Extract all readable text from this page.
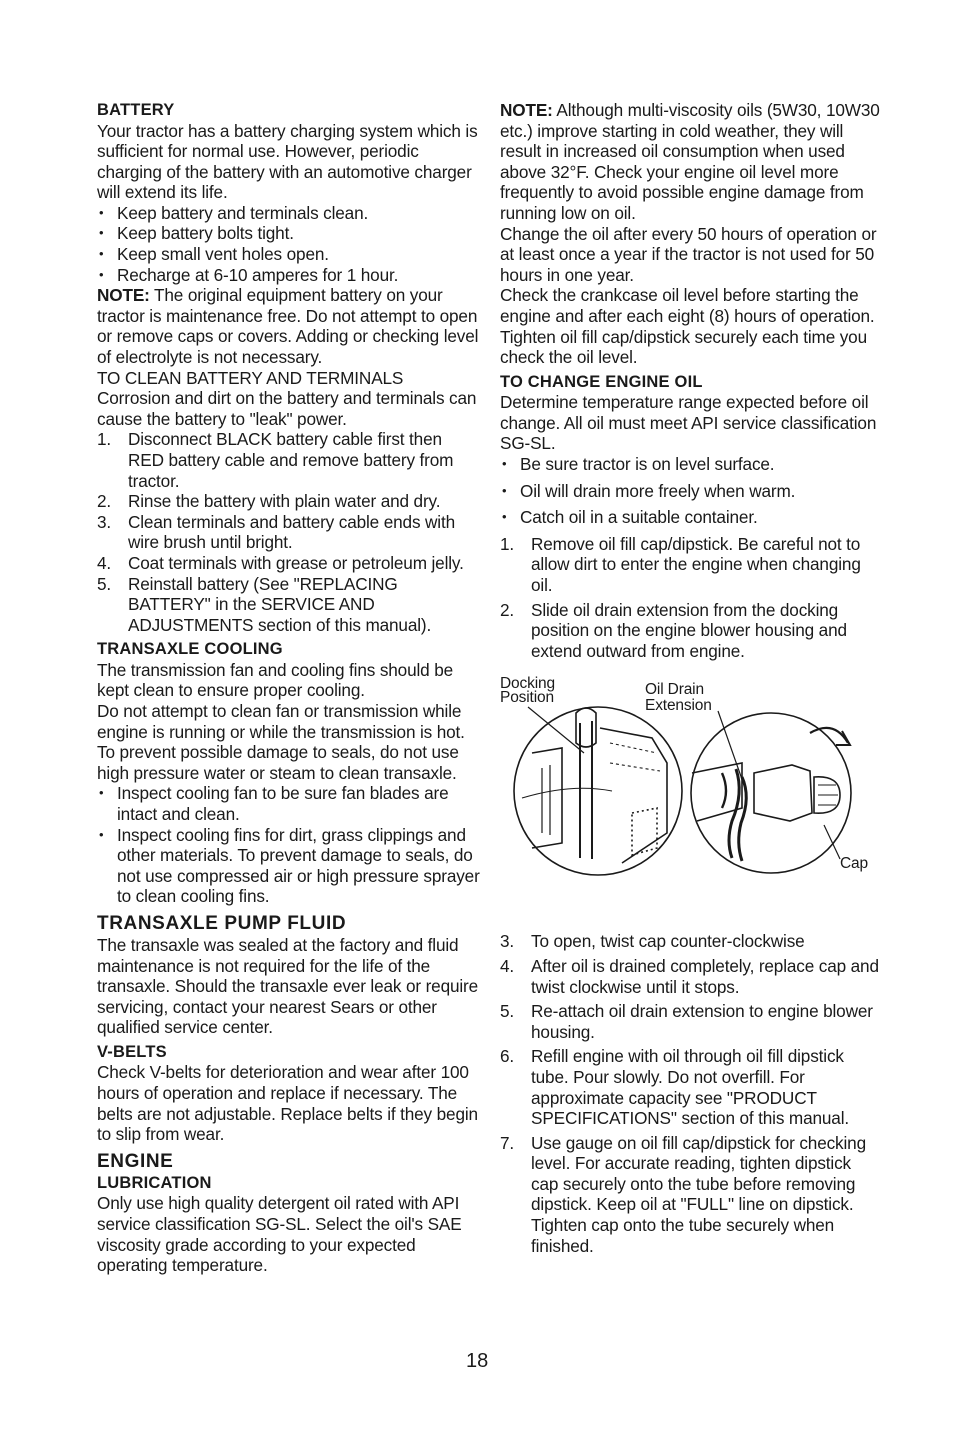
BATTERY

Your tractor has a battery charging system which is sufficient for normal use. However, periodic charging of the battery with an automotive charger will extend its life.

• Keep battery and terminals clean.
• Keep battery bolts tight.
• Keep small vent holes open.
• Recharge at 6-10 amperes for 1 hour.

NOTE: The original equipment battery on your tractor is maintenance free. Do not attempt to open or remove caps or covers. Adding or checking level of electrolyte is not necessary.

TO CLEAN BATTERY AND TERMINALS

Corrosion and dirt on the battery and terminals can cause the battery to "leak" power.

1. Disconnect BLACK battery cable first then RED battery cable and remove battery from tractor.
2. Rinse the battery with plain water and dry.
3. Clean terminals and battery cable ends with wire brush until bright.
4. Coat terminals with grease or petroleum jelly.
5. Reinstall battery (See "REPLACING BATTERY" in the SERVICE AND ADJUSTMENTS section of this manual).

TRANSAXLE COOLING

The transmission fan and cooling fins should be kept clean to ensure proper cooling.

Do not attempt to clean fan or transmission while engine is running or while the transmission is hot. To prevent possible damage to seals, do not use high pressure water or steam to clean transaxle.

• Inspect cooling fan to be sure fan blades are intact and clean.
• Inspect cooling fins for dirt, grass clippings and other materials. To prevent damage to seals, do not use compressed air or high pressure sprayer to clean cooling fins.

TRANSAXLE PUMP FLUID

The transaxle was sealed at the factory and fluid maintenance is not required for the life of the transaxle. Should the transaxle ever leak or require servicing, contact your nearest Sears or other qualified service center.

V-BELTS

Check V-belts for deterioration and wear after 100 hours of operation and replace if necessary. The belts are not adjustable. Replace belts if they begin to slip from wear.

ENGINE

LUBRICATION

Only use high quality detergent oil rated with API service classification SG-SL. Select the oil's SAE viscosity grade according to your expected operating temperature.

NOTE: Although multi-viscosity oils (5W30, 10W30 etc.) improve starting in cold weather, they will result in increased oil consumption when used above 32°F. Check your engine oil level more frequently to avoid possible engine damage from running low on oil.

Change the oil after every 50 hours of operation or at least once a year if the tractor is not used for 50 hours in one year.

Check the crankcase oil level before starting the engine and after each eight (8) hours of operation. Tighten oil fill cap/dipstick securely each time you check the oil level.

TO CHANGE ENGINE OIL

Determine temperature range expected before oil change. All oil must meet API service classification SG-SL.

• Be sure tractor is on level surface.
• Oil will drain more freely when warm.
• Catch oil in a suitable container.
1. Remove oil fill cap/dipstick. Be careful not to allow dirt to enter the engine when changing oil.
2. Slide oil drain extension from the docking position on the engine blower housing and extend outward from engine.
Docking
Position	Oil Drain
Extension
Cap
3. To open, twist cap counter-clockwise
4. After oil is drained completely, replace cap and twist clockwise until it stops.
5. Re-attach oil drain extension to engine blower housing.
6. Refill engine with oil through oil fill dipstick tube. Pour slowly. Do not overfill. For approximate capacity see "PRODUCT SPECIFICATIONS" section of this manual.
7. Use gauge on oil fill cap/dipstick for checking level. For accurate reading, tighten dipstick cap securely onto the tube before removing dipstick. Keep oil at "FULL" line on dipstick. Tighten cap onto the tube securely when finished.
18
